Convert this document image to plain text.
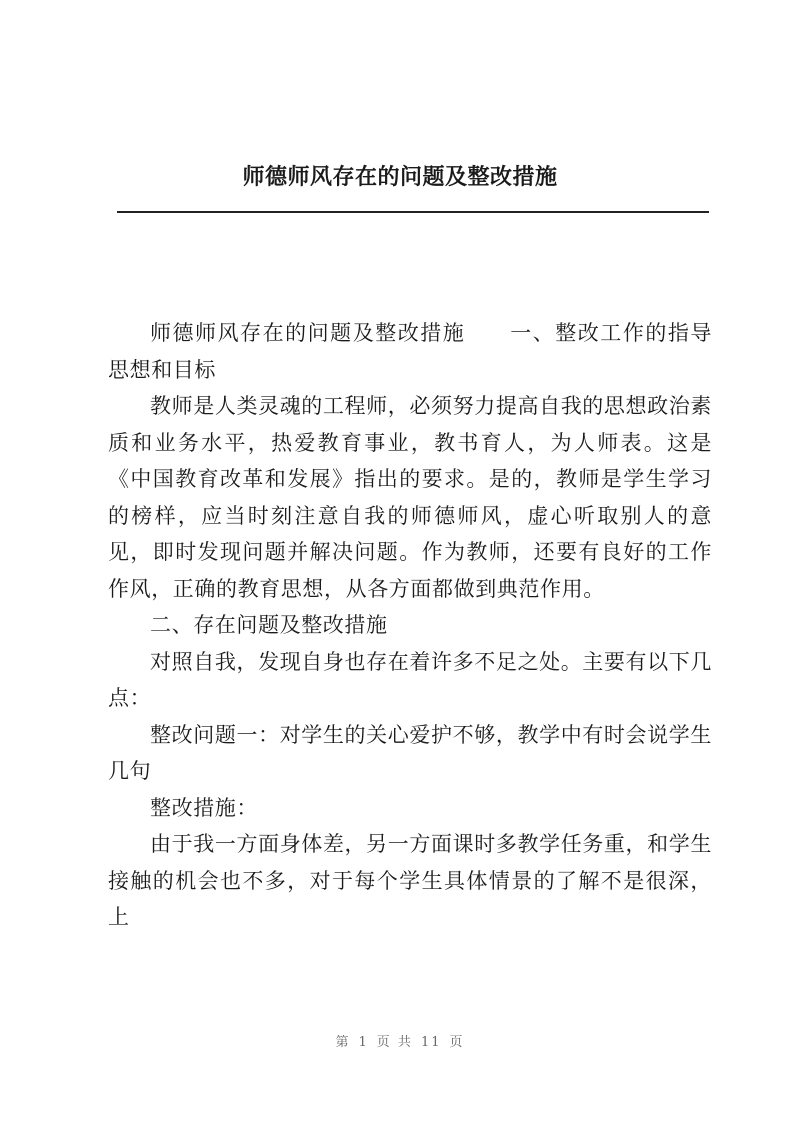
师德师风存在的问题及整改措施

师德师风存在的问题及整改措施 一、整改工作的指导思想和目标

教师是人类灵魂的工程师，必须努力提高自我的思想政治素质和业务水平，热爱教育事业，教书育人，为人师表。这是《中国教育改革和发展》指出的要求。是的，教师是学生学习的榜样，应当时刻注意自我的师德师风，虚心听取别人的意见，即时发现问题并解决问题。作为教师，还要有良好的工作作风，正确的教育思想，从各方面都做到典范作用。

二、存在问题及整改措施

对照自我，发现自身也存在着许多不足之处。主要有以下几点：

整改问题一：对学生的关心爱护不够，教学中有时会说学生几句

整改措施：

由于我一方面身体差，另一方面课时多教学任务重，和学生接触的机会也不多，对于每个学生具体情景的了解不是很深，上

第 1 页 共 11 页
